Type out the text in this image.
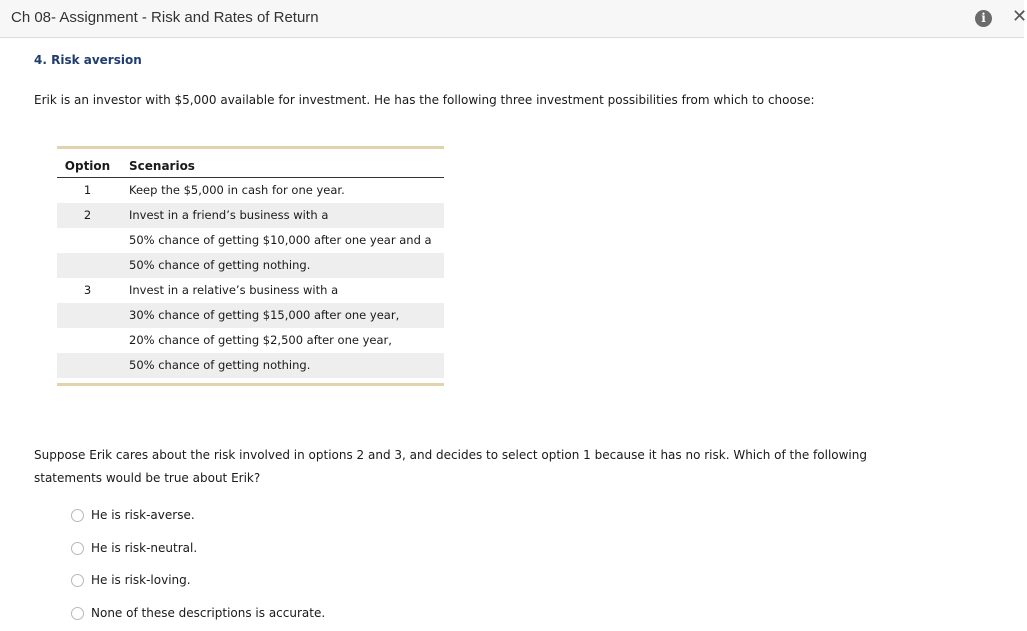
Ch 08- Assignment - Risk and Rates of Return	i	✕
4. Risk aversion
Erik is an investor with $5,000 available for investment. He has the following three investment possibilities from which to choose:
Option	Scenarios
1	Keep the $5,000 in cash for one year.
2	Invest in a friend’s business with a
50% chance of getting $10,000 after one year and a
50% chance of getting nothing.
3	Invest in a relative’s business with a
30% chance of getting $15,000 after one year,
20% chance of getting $2,500 after one year,
50% chance of getting nothing.
Suppose Erik cares about the risk involved in options 2 and 3, and decides to select option 1 because it has no risk. Which of the following statements would be true about Erik?
He is risk-averse.
He is risk-neutral.
He is risk-loving.
None of these descriptions is accurate.
